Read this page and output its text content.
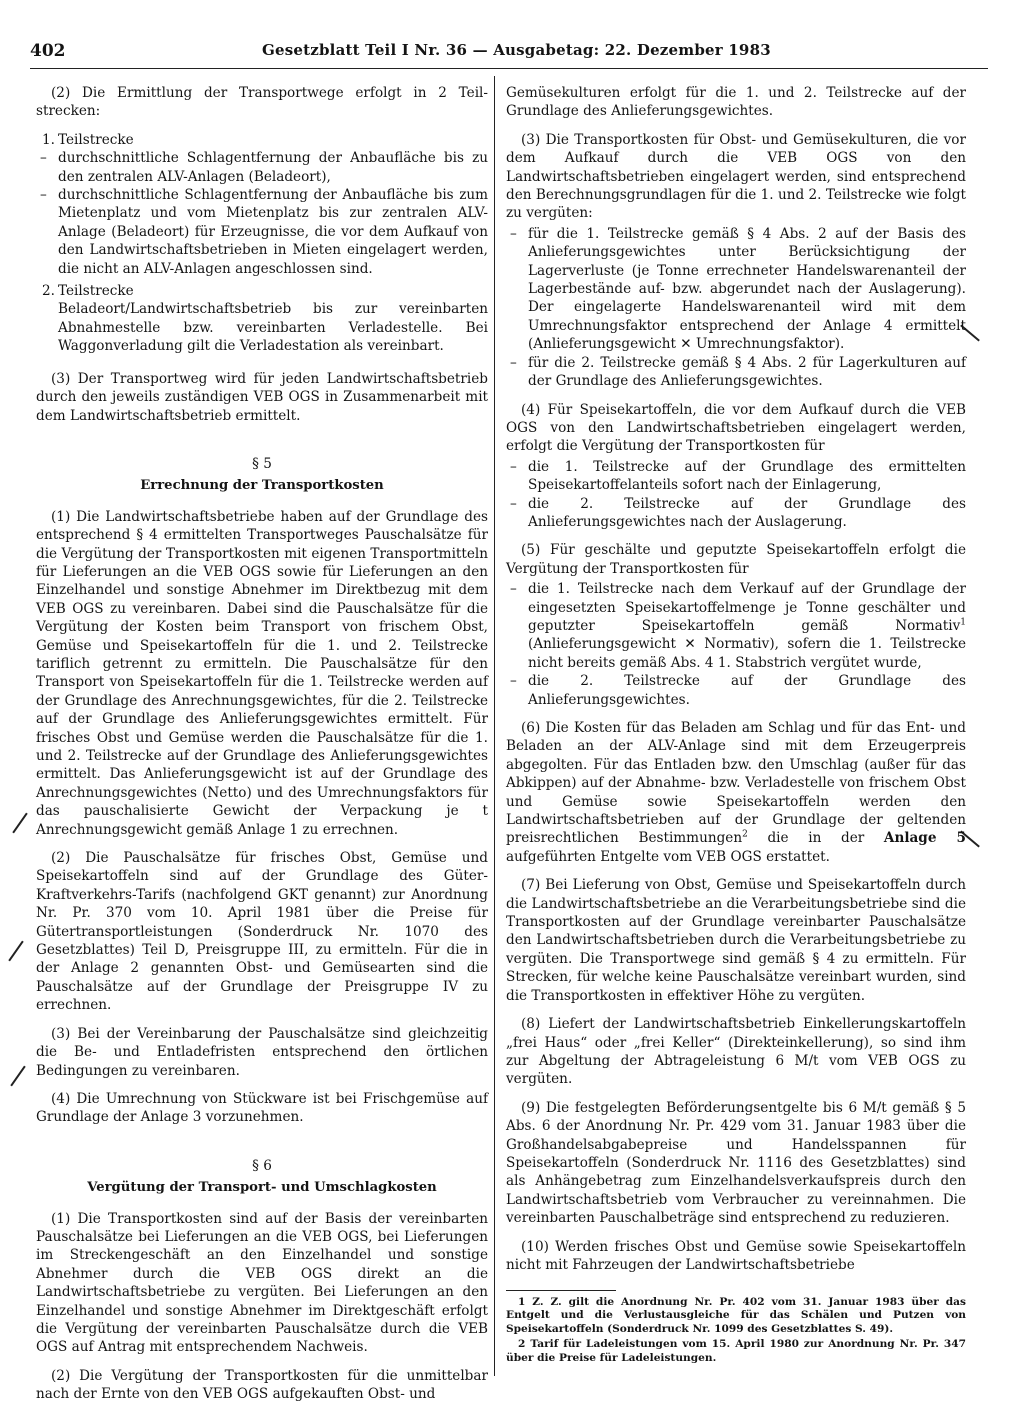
402	Gesetzblatt Teil I Nr. 36 — Ausgabetag: 22. Dezember 1983

(2) Die Ermittlung der Transportwege erfolgt in 2 Teil-strecken:

1. Teilstrecke
– durchschnittliche Schlagentfernung der Anbaufläche bis zu den zentralen ALV-Anlagen (Beladeort),
– durchschnittliche Schlagentfernung der Anbaufläche bis zum Mietenplatz und vom Mietenplatz bis zur zentralen ALV-Anlage (Beladeort) für Erzeugnisse, die vor dem Aufkauf von den Landwirtschaftsbetrieben in Mieten eingelagert werden, die nicht an ALV-Anlagen angeschlossen sind.
2. Teilstrecke

Beladeort/Landwirtschaftsbetrieb bis zur vereinbarten Abnahmestelle bzw. vereinbarten Verladestelle. Bei Waggonverladung gilt die Verladestation als vereinbart.

(3) Der Transportweg wird für jeden Landwirtschaftsbetrieb durch den jeweils zuständigen VEB OGS in Zusammenarbeit mit dem Landwirtschaftsbetrieb ermittelt.

§ 5
Errechnung der Transportkosten

(1) Die Landwirtschaftsbetriebe haben auf der Grundlage des entsprechend § 4 ermittelten Transportweges Pauschalsätze für die Vergütung der Transportkosten mit eigenen Transportmitteln für Lieferungen an die VEB OGS sowie für Lieferungen an den Einzelhandel und sonstige Abnehmer im Direktbezug mit dem VEB OGS zu vereinbaren. Dabei sind die Pauschalsätze für die Vergütung der Kosten beim Transport von frischem Obst, Gemüse und Speisekartoffeln für die 1. und 2. Teilstrecke tariflich getrennt zu ermitteln. Die Pauschalsätze für den Transport von Speisekartoffeln für die 1. Teilstrecke werden auf der Grundlage des Anrechnungsgewichtes, für die 2. Teilstrecke auf der Grundlage des Anlieferungsgewichtes ermittelt. Für frisches Obst und Gemüse werden die Pauschalsätze für die 1. und 2. Teilstrecke auf der Grundlage des Anlieferungsgewichtes ermittelt. Das Anlieferungsgewicht ist auf der Grundlage des Anrechnungsgewichtes (Netto) und des Umrechnungsfaktors für das pauschalisierte Gewicht der Verpackung je t Anrechnungsgewicht gemäß Anlage 1 zu errechnen.

(2) Die Pauschalsätze für frisches Obst, Gemüse und Speisekartoffeln sind auf der Grundlage des Güter-Kraftverkehrs-Tarifs (nachfolgend GKT genannt) zur Anordnung Nr. Pr. 370 vom 10. April 1981 über die Preise für Gütertransportleistungen (Sonderdruck Nr. 1070 des Gesetzblattes) Teil D, Preisgruppe III, zu ermitteln. Für die in der Anlage 2 genannten Obst- und Gemüsearten sind die Pauschalsätze auf der Grundlage der Preisgruppe IV zu errechnen.

(3) Bei der Vereinbarung der Pauschalsätze sind gleichzeitig die Be- und Entladefristen entsprechend den örtlichen Bedingungen zu vereinbaren.

(4) Die Umrechnung von Stückware ist bei Frischgemüse auf Grundlage der Anlage 3 vorzunehmen.

§ 6
Vergütung der Transport- und Umschlagkosten

(1) Die Transportkosten sind auf der Basis der vereinbarten Pauschalsätze bei Lieferungen an die VEB OGS, bei Lieferungen im Streckengeschäft an den Einzelhandel und sonstige Abnehmer durch die VEB OGS direkt an die Landwirtschaftsbetriebe zu vergüten. Bei Lieferungen an den Einzelhandel und sonstige Abnehmer im Direktgeschäft erfolgt die Vergütung der vereinbarten Pauschalsätze durch die VEB OGS auf Antrag mit entsprechendem Nachweis.

(2) Die Vergütung der Transportkosten für die unmittelbar nach der Ernte von den VEB OGS aufgekauften Obst- und

Gemüsekulturen erfolgt für die 1. und 2. Teilstrecke auf der Grundlage des Anlieferungsgewichtes.

(3) Die Transportkosten für Obst- und Gemüsekulturen, die vor dem Aufkauf durch die VEB OGS von den Landwirtschaftsbetrieben eingelagert werden, sind entsprechend den Berechnungsgrundlagen für die 1. und 2. Teilstrecke wie folgt zu vergüten:

– für die 1. Teilstrecke gemäß § 4 Abs. 2 auf der Basis des Anlieferungsgewichtes unter Berücksichtigung der Lagerverluste (je Tonne errechneter Handelswarenanteil der Lagerbestände auf- bzw. abgerundet nach der Auslagerung). Der eingelagerte Handelswarenanteil wird mit dem Umrechnungsfaktor entsprechend der Anlage 4 ermittelt (Anlieferungsgewicht ✕ Umrechnungsfaktor).
– für die 2. Teilstrecke gemäß § 4 Abs. 2 für Lagerkulturen auf der Grundlage des Anlieferungsgewichtes.

(4) Für Speisekartoffeln, die vor dem Aufkauf durch die VEB OGS von den Landwirtschaftsbetrieben eingelagert werden, erfolgt die Vergütung der Transportkosten für

– die 1. Teilstrecke auf der Grundlage des ermittelten Speisekartoffelanteils sofort nach der Einlagerung,
– die 2. Teilstrecke auf der Grundlage des Anlieferungsgewichtes nach der Auslagerung.

(5) Für geschälte und geputzte Speisekartoffeln erfolgt die Vergütung der Transportkosten für

– die 1. Teilstrecke nach dem Verkauf auf der Grundlage der eingesetzten Speisekartoffelmenge je Tonne geschälter und geputzter Speisekartoffeln gemäß Normativ$^1$ (Anlieferungsgewicht ✕ Normativ), sofern die 1. Teilstrecke nicht bereits gemäß Abs. 4 1. Stabstrich vergütet wurde,
– die 2. Teilstrecke auf der Grundlage des Anlieferungsgewichtes.

(6) Die Kosten für das Beladen am Schlag und für das Ent- und Beladen an der ALV-Anlage sind mit dem Erzeugerpreis abgegolten. Für das Entladen bzw. den Umschlag (außer für das Abkippen) auf der Abnahme- bzw. Verladestelle von frischem Obst und Gemüse sowie Speisekartoffeln werden den Landwirtschaftsbetrieben auf der Grundlage der geltenden preisrechtlichen Bestimmungen$^2$ die in der Anlage 5 aufgeführten Entgelte vom VEB OGS erstattet.

(7) Bei Lieferung von Obst, Gemüse und Speisekartoffeln durch die Landwirtschaftsbetriebe an die Verarbeitungsbetriebe sind die Transportkosten auf der Grundlage vereinbarter Pauschalsätze den Landwirtschaftsbetrieben durch die Verarbeitungsbetriebe zu vergüten. Die Transportwege sind gemäß § 4 zu ermitteln. Für Strecken, für welche keine Pauschalsätze vereinbart wurden, sind die Transportkosten in effektiver Höhe zu vergüten.

(8) Liefert der Landwirtschaftsbetrieb Einkellerungskartoffeln „frei Haus“ oder „frei Keller“ (Direkteinkellerung), so sind ihm zur Abgeltung der Abtrageleistung 6 M/t vom VEB OGS zu vergüten.

(9) Die festgelegten Beförderungsentgelte bis 6 M/t gemäß § 5 Abs. 6 der Anordnung Nr. Pr. 429 vom 31. Januar 1983 über die Großhandelsabgabepreise und Handelsspannen für Speisekartoffeln (Sonderdruck Nr. 1116 des Gesetzblattes) sind als Anhängebetrag zum Einzelhandelsverkaufspreis durch den Landwirtschaftsbetrieb vom Verbraucher zu vereinnahmen. Die vereinbarten Pauschalbeträge sind entsprechend zu reduzieren.

(10) Werden frisches Obst und Gemüse sowie Speisekartoffeln nicht mit Fahrzeugen der Landwirtschaftsbetriebe

1 Z. Z. gilt die Anordnung Nr. Pr. 402 vom 31. Januar 1983 über das Entgelt und die Verlustausgleiche für das Schälen und Putzen von Speisekartoffeln (Sonderdruck Nr. 1099 des Gesetzblattes S. 49).

2 Tarif für Ladeleistungen vom 15. April 1980 zur Anordnung Nr. Pr. 347 über die Preise für Ladeleistungen.
